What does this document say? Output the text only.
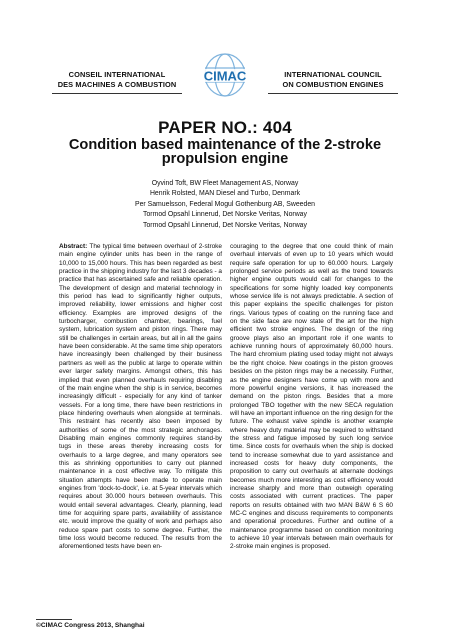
CONSEIL INTERNATIONAL
DES MACHINES A COMBUSTION
CIMAC	INTERNATIONAL COUNCIL
ON COMBUSTION ENGINES
PAPER NO.: 404
Condition based maintenance of the 2-stroke
propulsion engine
Oyvind Toft, BW Fleet Management AS, Norway
Henrik Rolsted, MAN Diesel and Turbo, Denmark
Per Samuelsson, Federal Mogul Gothenburg AB, Sweeden
Tormod Opsahl Linnerud, Det Norske Veritas, Norway
Tormod Opsahl Linnerud, Det Norske Veritas, Norway
Abstract: The typical time between overhaul of 2-stroke main engine cylinder units has been in the range of 10,000 to 15,000 hours. This has been regarded as best practice in the shipping industry for the last 3 decades - a practice that has ascertained safe and reliable operation. The development of design and material technology in this period has lead to significantly higher outputs, improved reliability, lower emissions and higher cost efficiency. Examples are improved designs of the turbocharger, combustion chamber, bearings, fuel system, lubrication system and piston rings. There may still be challenges in certain areas, but all in all the gains have been considerable. At the same time ship operators have increasingly been challenged by their business partners as well as the public at large to operate within ever larger safety margins. Amongst others, this has implied that even planned overhauls requiring disabling of the main engine when the ship is in service, becomes increasingly difficult - especially for any kind of tanker vessels. For a long time, there have been restrictions in place hindering overhauls when alongside at terminals. This restraint has recently also been imposed by authorities of some of the most strategic anchorages. Disabling main engines commonly requires stand-by tugs in these areas thereby increasing costs for overhauls to a large degree, and many operators see this as shrinking opportunities to carry out planned maintenance in a cost effective way. To mitigate this situation attempts have been made to operate main engines from 'dock-to-dock', i.e. at 5-year intervals which requires about 30.000 hours between overhauls. This would entail several advantages. Clearly, planning, lead time for acquiring spare parts, availability of assistance etc. would improve the quality of work and perhaps also reduce spare part costs to some degree. Further, the time loss would become reduced. The results from the aforementioned tests have been en-
couraging to the degree that one could think of main overhaul intervals of even up to 10 years which would require safe operation for up to 60.000 hours. Largely prolonged service periods as well as the trend towards higher engine outputs would call for changes to the specifications for some highly loaded key components whose service life is not always predictable. A section of this paper explains the specific challenges for piston rings. Various types of coating on the running face and on the side face are now state of the art for the high efficient two stroke engines. The design of the ring groove plays also an important role if one wants to achieve running hours of approximately 60,000 hours. The hard chromium plating used today might not always be the right choice. New coatings in the piston grooves besides on the piston rings may be a necessity. Further, as the engine designers have come up with more and more powerful engine versions, it has increased the demand on the piston rings. Besides that a more prolonged TBO together with the new SECA regulation will have an important influence on the ring design for the future. The exhaust valve spindle is another example where heavy duty material may be required to withstand the stress and fatigue imposed by such long service time. Since costs for overhauls when the ship is docked tend to increase somewhat due to yard assistance and increased costs for heavy duty components, the proposition to carry out overhauls at alternate dockings becomes much more interesting as cost efficiency would increase sharply and more than outweigh operating costs associated with current practices. The paper reports on results obtained with two MAN B&W 6 S 60 MC-C engines and discuss requirements to components and operational procedures. Further and outline of a maintenance programme based on condition monitoring to achieve 10 year intervals between main overhauls for 2-stroke main engines is proposed.
©CIMAC Congress 2013, Shanghai
